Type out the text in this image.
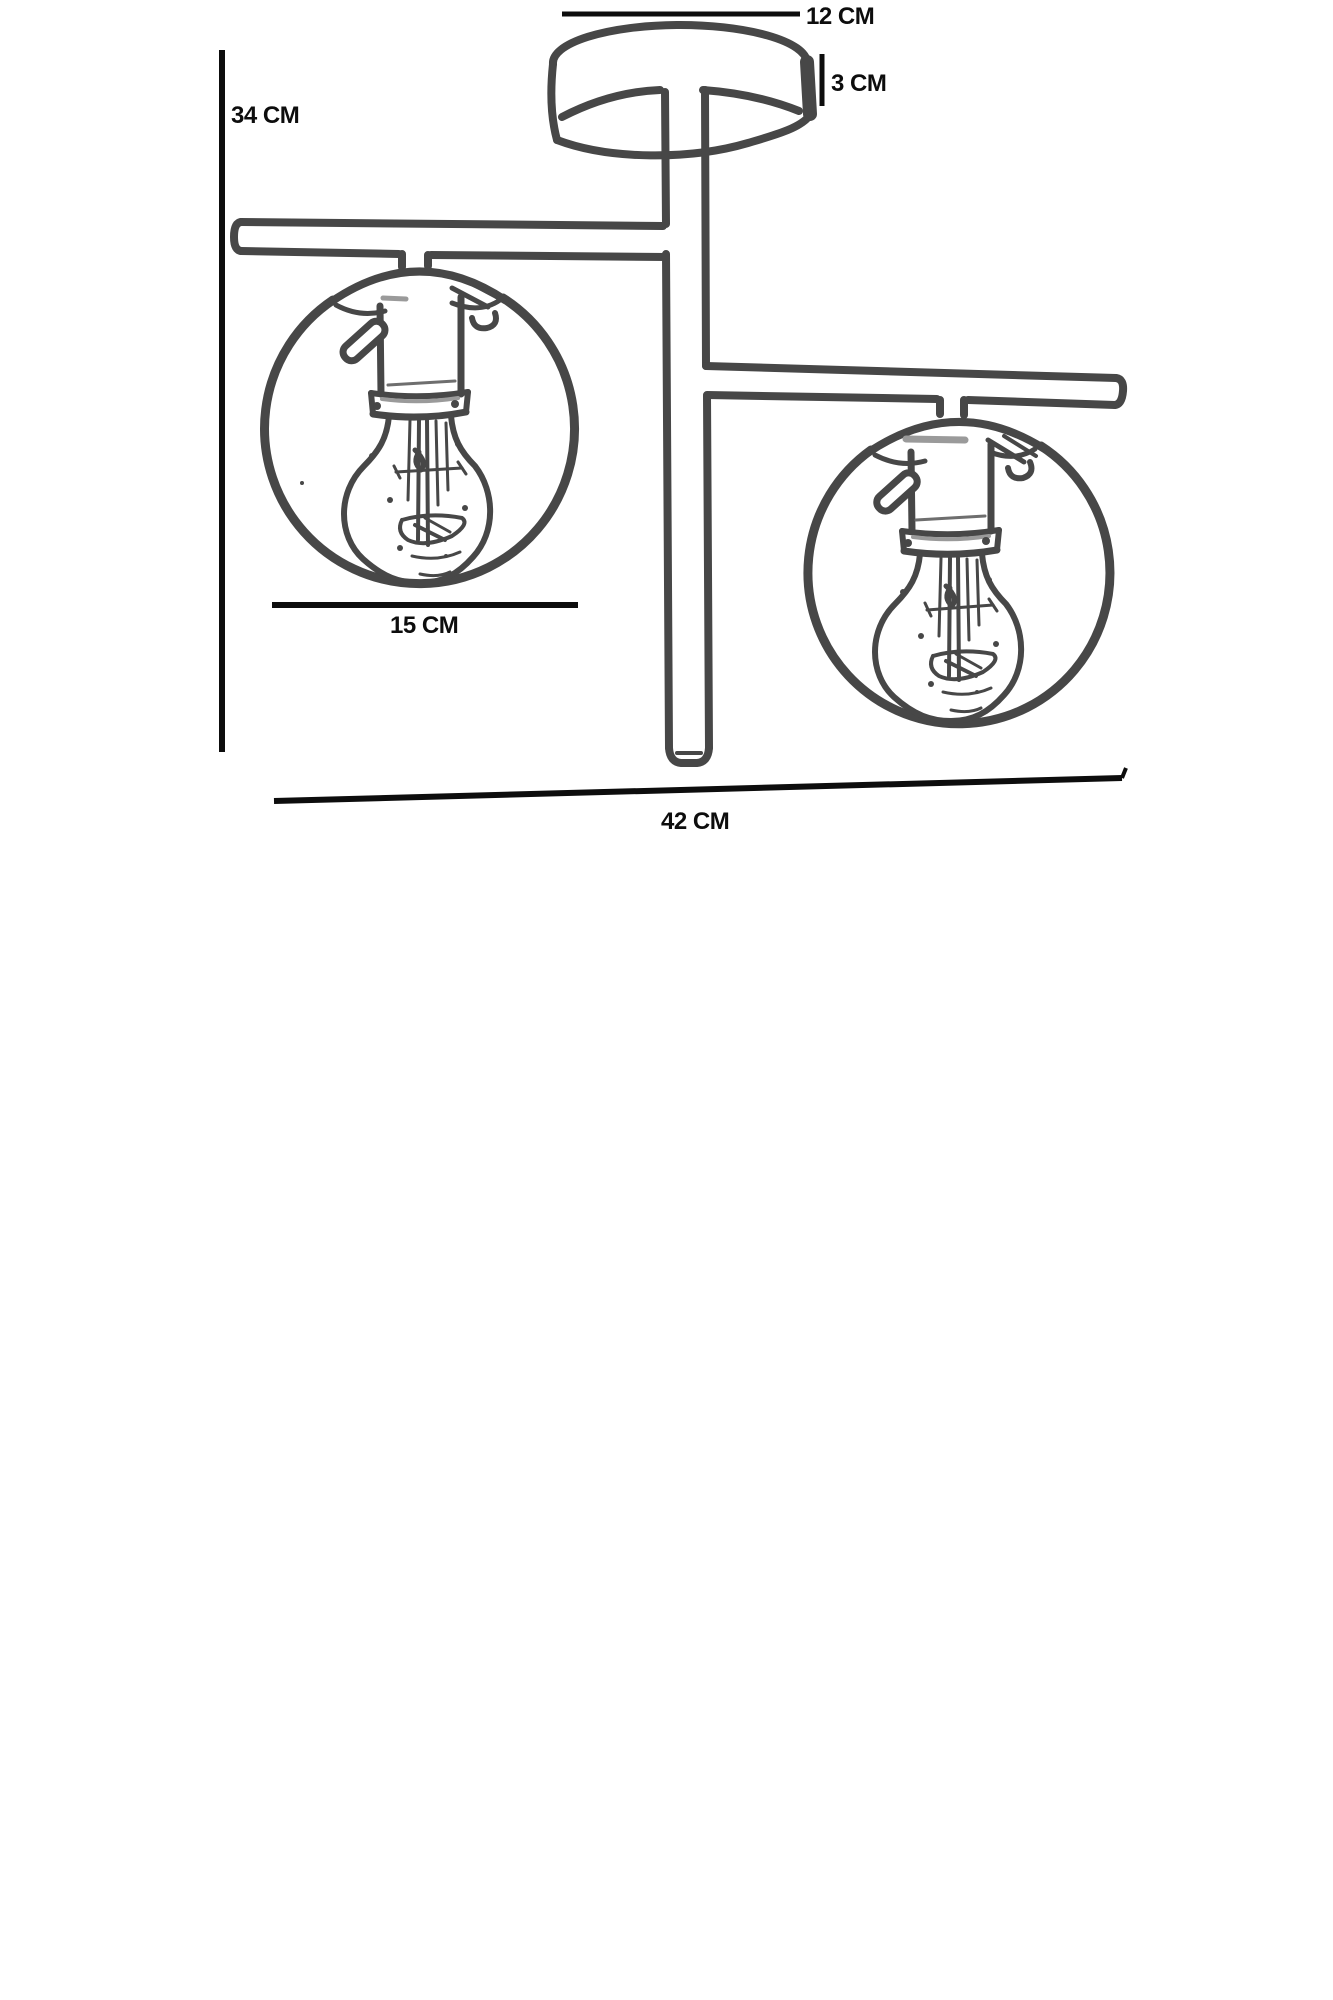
12 CM
3 CM
34 CM
15 CM
42 CM
